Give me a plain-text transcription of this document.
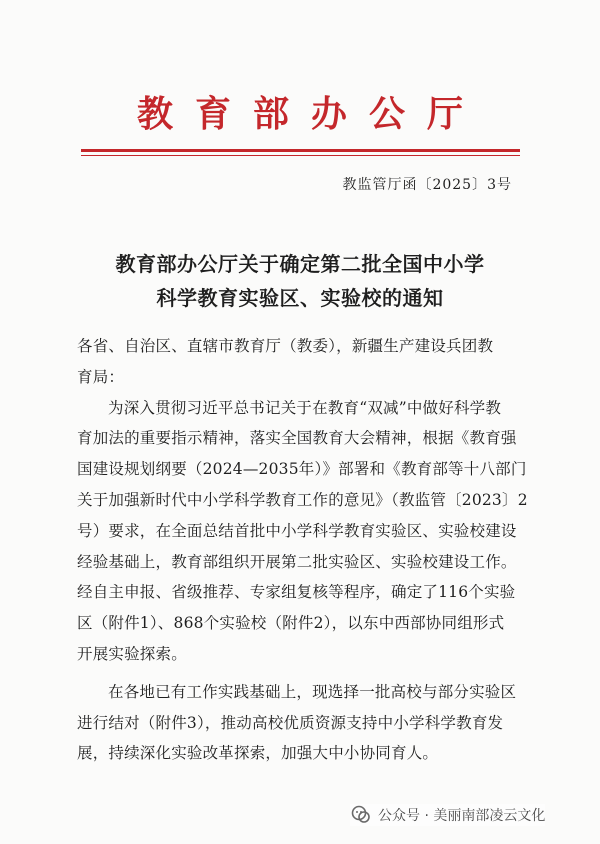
教育部办公厅
教监管厅函〔2025〕3号
教育部办公厅关于确定第二批全国中小学
科学教育实验区、实验校的通知
各省、自治区、直辖市教育厅（教委），新疆生产建设兵团教
育局：
为深入贯彻习近平总书记关于在教育“双减”中做好科学教
育加法的重要指示精神，落实全国教育大会精神，根据《教育强
国建设规划纲要（2024—2035年）》部署和《教育部等十八部门
关于加强新时代中小学科学教育工作的意见》（教监管〔2023〕2
号）要求，在全面总结首批中小学科学教育实验区、实验校建设
经验基础上，教育部组织开展第二批实验区、实验校建设工作。
经自主申报、省级推荐、专家组复核等程序，确定了116个实验
区（附件1）、868个实验校（附件2），以东中西部协同组形式
开展实验探索。
在各地已有工作实践基础上，现选择一批高校与部分实验区
进行结对（附件3），推动高校优质资源支持中小学科学教育发
展，持续深化实验改革探索，加强大中小协同育人。
公众号 · 美丽南部凌云文化
